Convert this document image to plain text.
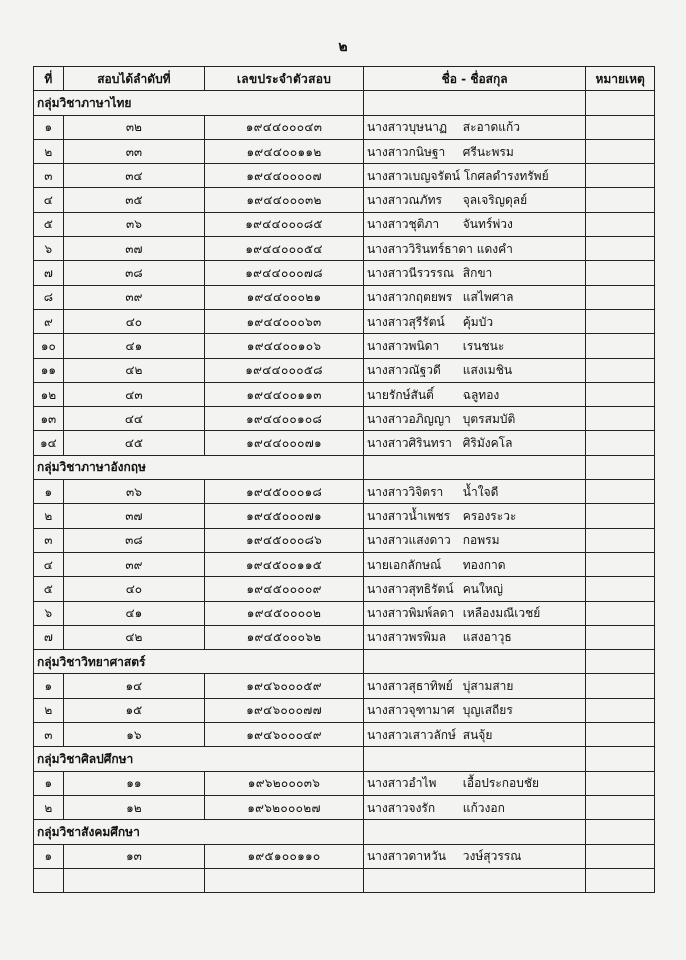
๒
ที่	สอบได้ลำดับที่	เลขประจำตัวสอบ	ชื่อ - ชื่อสกุล	หมายเหตุ
กลุ่มวิชาภาษาไทย				
๑	๓๒	๑๙๔๔๐๐๐๔๓	นางสาวบุษนาฏ สะอาดแก้ว	
๒	๓๓	๑๙๔๔๐๐๑๑๒	นางสาวกนิษฐา ศรีนะพรม	
๓	๓๔	๑๙๔๔๐๐๐๐๗	นางสาวเบญจรัตน์ โกศลดำรงทรัพย์	
๔	๓๕	๑๙๔๔๐๐๐๓๒	นางสาวณภัทร จุลเจริญดุลย์	
๕	๓๖	๑๙๔๔๐๐๐๘๕	นางสาวชุติภา จันทร์พ่วง	
๖	๓๗	๑๙๔๔๐๐๐๕๔	นางสาววิรินทร์ธาดา แดงคำ	
๗	๓๘	๑๙๔๔๐๐๐๗๘	นางสาวนีรวรรณ สิกขา	
๘	๓๙	๑๙๔๔๐๐๐๒๑	นางสาวกฤตยพร แสไพศาล	
๙	๔๐	๑๙๔๔๐๐๐๖๓	นางสาวสุรีรัตน์ คุ้มบัว	
๑๐	๔๑	๑๙๔๔๐๐๑๐๖	นางสาวพนิดา เรนชนะ	
๑๑	๔๒	๑๙๔๔๐๐๐๕๘	นางสาวณัฐวดี แสงเมชิน	
๑๒	๔๓	๑๙๔๔๐๐๑๑๓	นายรักษ์สันติ์ ฉลูทอง	
๑๓	๔๔	๑๙๔๔๐๐๑๐๘	นางสาวอภิญญา บุตรสมบัติ	
๑๔	๔๕	๑๙๔๔๐๐๐๗๑	นางสาวศิรินทรา ศิริมังคโล	
กลุ่มวิชาภาษาอังกฤษ				
๑	๓๖	๑๙๔๕๐๐๐๑๘	นางสาววิจิตรา น้ำใจดี	
๒	๓๗	๑๙๔๕๐๐๐๗๑	นางสาวน้ำเพชร ครองระวะ	
๓	๓๘	๑๙๔๕๐๐๐๘๖	นางสาวแสงดาว กอพรม	
๔	๓๙	๑๙๔๕๐๐๑๑๕	นายเอกลักษณ์ ทองกาด	
๕	๔๐	๑๙๔๕๐๐๐๐๙	นางสาวสุทธิรัตน์ คนใหญ่	
๖	๔๑	๑๙๔๕๐๐๐๐๒	นางสาวพิมพ์ลดา เหลืองมณีเวชย์	
๗	๔๒	๑๙๔๕๐๐๐๖๒	นางสาวพรพิมล แสงอาวุธ	
กลุ่มวิชาวิทยาศาสตร์				
๑	๑๔	๑๙๔๖๐๐๐๕๙	นางสาวสุธาทิพย์ บุ่สามสาย	
๒	๑๕	๑๙๔๖๐๐๐๗๗	นางสาวจุฑามาศ บุญเสถียร	
๓	๑๖	๑๙๔๖๐๐๐๔๙	นางสาวเสาวลักษ์ สนจุ้ย	
กลุ่มวิชาศิลปศึกษา				
๑	๑๑	๑๙๖๒๐๐๐๓๖	นางสาวอำไพ เอื้อประกอบชัย	
๒	๑๒	๑๙๖๒๐๐๐๒๗	นางสาวจงรัก แก้วงอก	
กลุ่มวิชาสังคมศึกษา				
๑	๑๓	๑๙๕๑๐๐๑๑๐	นางสาวดาหวัน วงษ์สุวรรณ	
